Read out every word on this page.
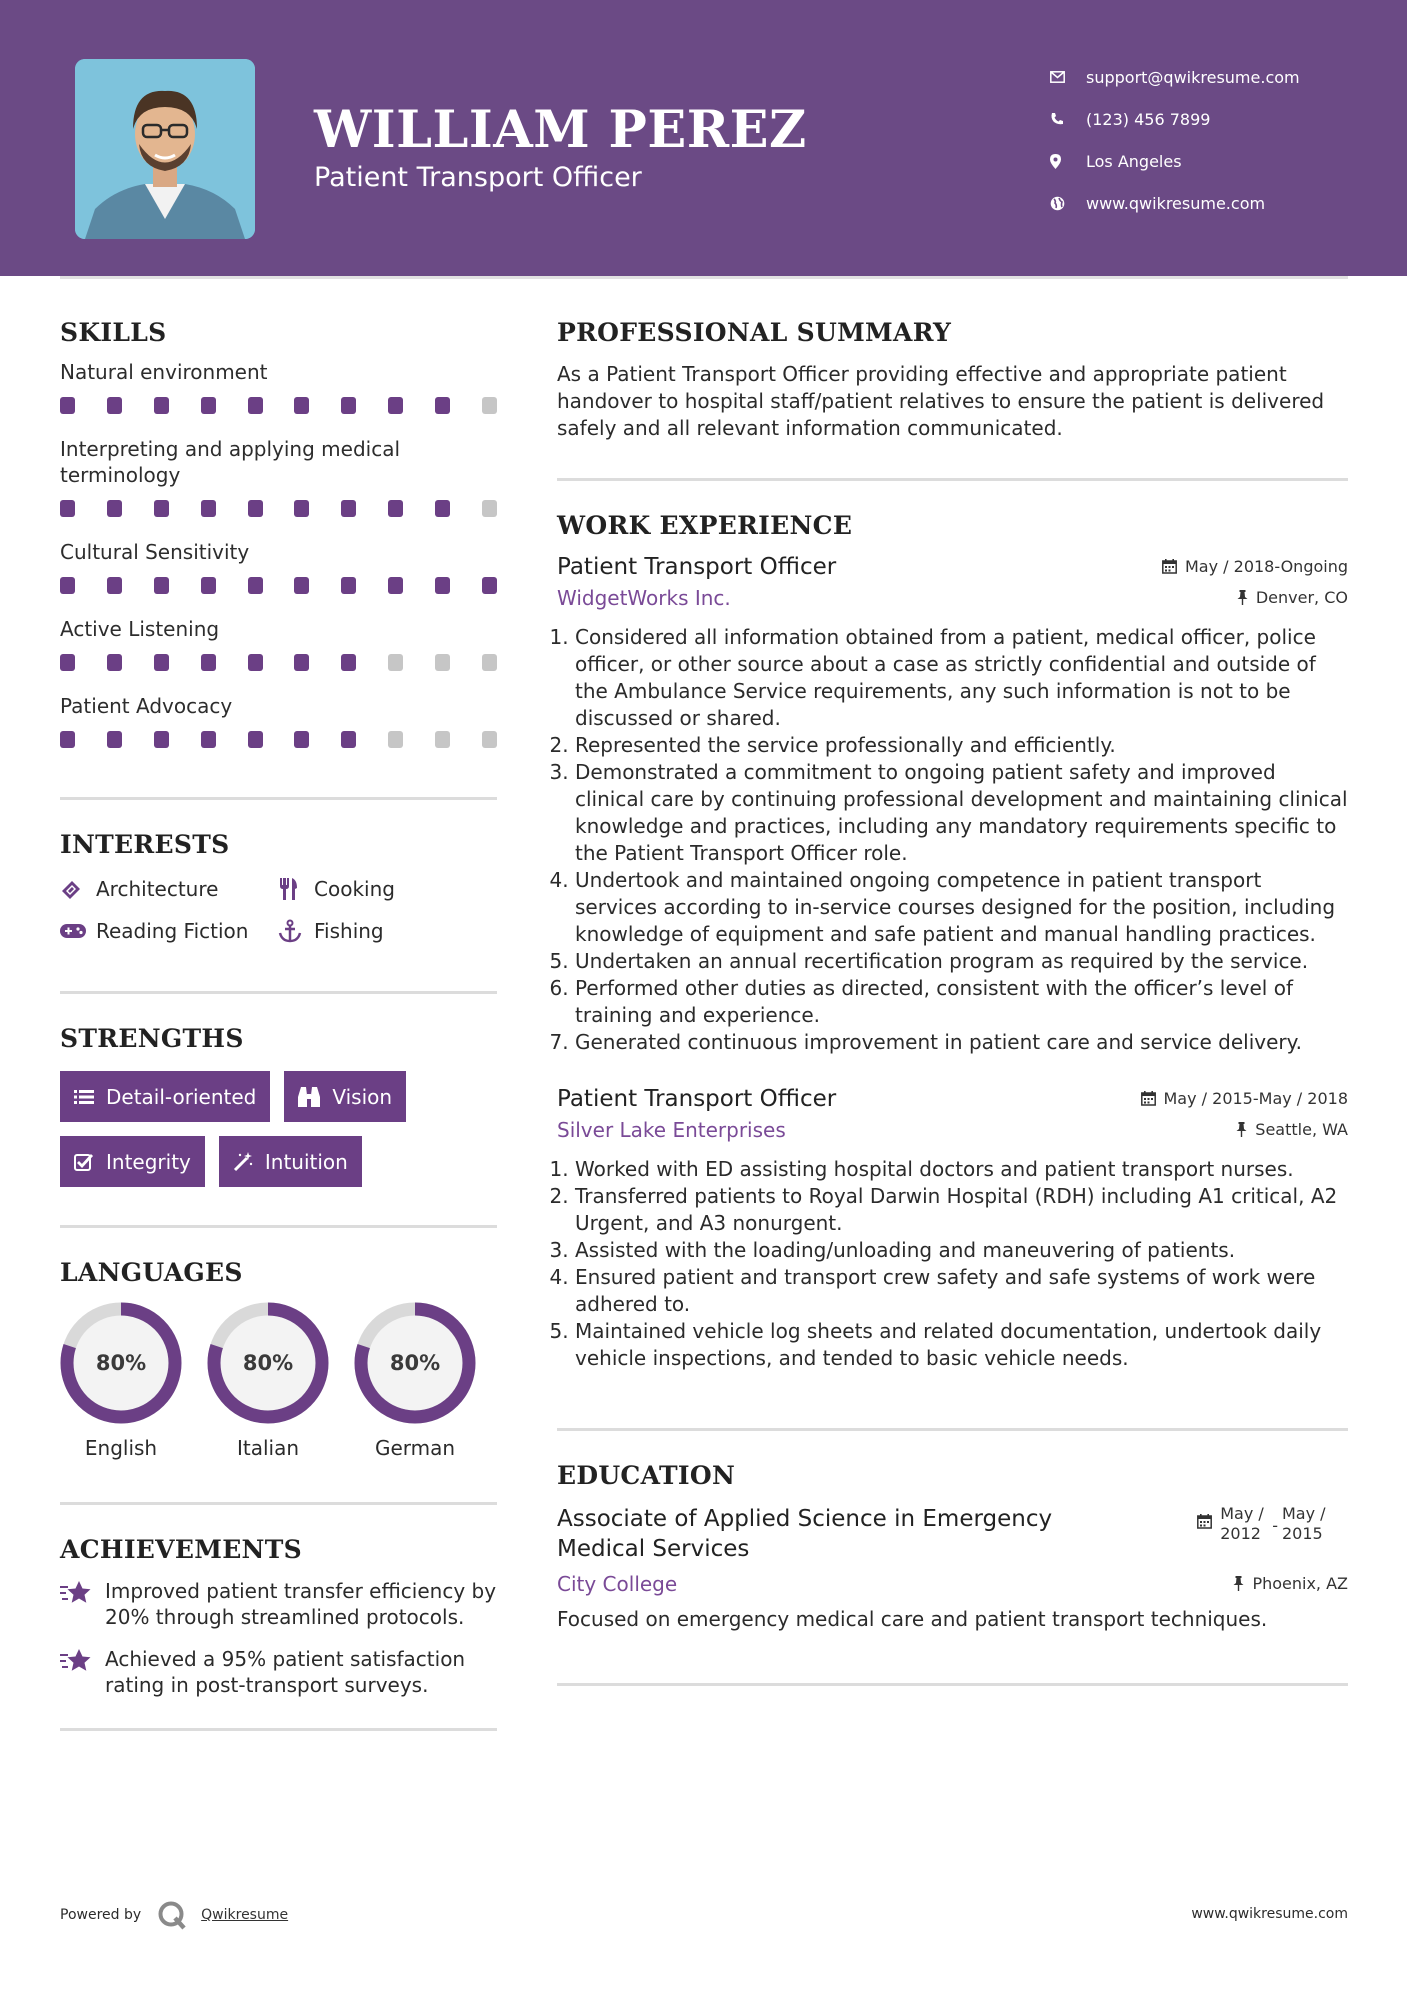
WILLIAM PEREZ
Patient Transport Officer
support@qwikresume.com
(123) 456 7899
Los Angeles
www.qwikresume.com
SKILLS
Natural environment
Interpreting and applying medical terminology
Cultural Sensitivity
Active Listening
Patient Advocacy
INTERESTS
Architecture	Cooking
Reading Fiction	Fishing
STRENGTHS
Detail-oriented	Vision
Integrity	Intuition
LANGUAGES
80%
English
80%
Italian
80%
German
ACHIEVEMENTS
Improved patient transfer efficiency by 20% through streamlined protocols.
Achieved a 95% patient satisfaction rating in post-transport surveys.
PROFESSIONAL SUMMARY
As a Patient Transport Officer providing effective and appropriate patient handover to hospital staff/patient relatives to ensure the patient is delivered safely and all relevant information communicated.
WORK EXPERIENCE
Patient Transport Officer	May / 2018-Ongoing
WidgetWorks Inc.	Denver, CO
1. Considered all information obtained from a patient, medical officer, police officer, or other source about a case as strictly confidential and outside of the Ambulance Service requirements, any such information is not to be discussed or shared.
2. Represented the service professionally and efficiently.
3. Demonstrated a commitment to ongoing patient safety and improved clinical care by continuing professional development and maintaining clinical knowledge and practices, including any mandatory requirements specific to the Patient Transport Officer role.
4. Undertook and maintained ongoing competence in patient transport services according to in-service courses designed for the position, including knowledge of equipment and safe patient and manual handling practices.
5. Undertaken an annual recertification program as required by the service.
6. Performed other duties as directed, consistent with the officer’s level of training and experience.
7. Generated continuous improvement in patient care and service delivery.
Patient Transport Officer	May / 2015-May / 2018
Silver Lake Enterprises	Seattle, WA
1. Worked with ED assisting hospital doctors and patient transport nurses.
2. Transferred patients to Royal Darwin Hospital (RDH) including A1 critical, A2 Urgent, and A3 nonurgent.
3. Assisted with the loading/unloading and maneuvering of patients.
4. Ensured patient and transport crew safety and safe systems of work were adhered to.
5. Maintained vehicle log sheets and related documentation, undertook daily vehicle inspections, and tended to basic vehicle needs.
EDUCATION
Associate of Applied Science in Emergency Medical Services
May / 2012 -
May / 2015
City College	Phoenix, AZ
Focused on emergency medical care and patient transport techniques.
Powered by	Qwikresume	www.qwikresume.com
